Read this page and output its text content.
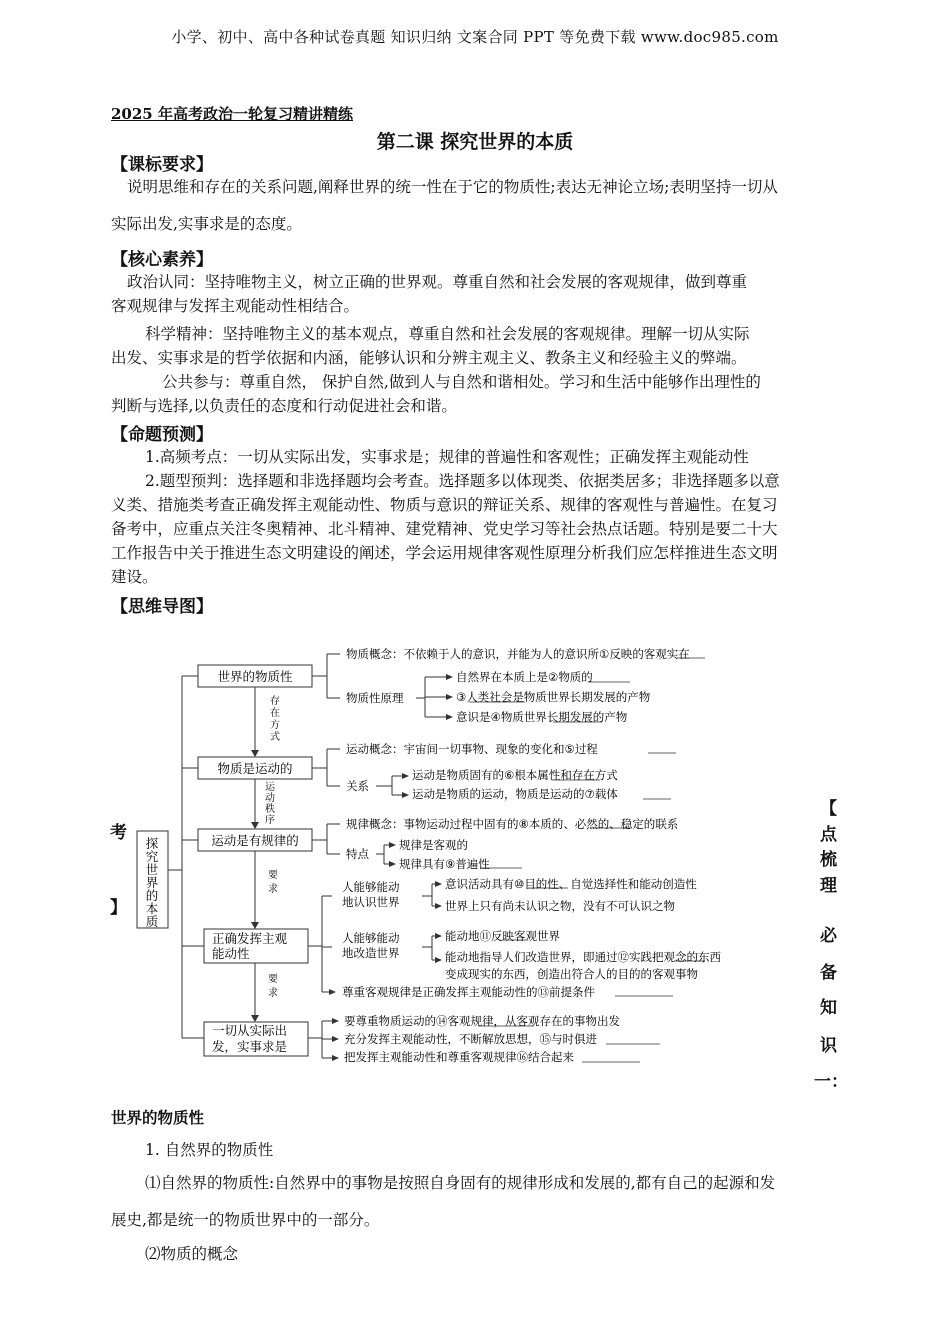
小学、初中、高中各种试卷真题 知识归纳 文案合同 PPT 等免费下载 www.doc985.com
2025 年高考政治一轮复习精讲精练
第二课 探究世界的本质
【课标要求】
说明思维和存在的关系问题,阐释世界的统一性在于它的物质性;表达无神论立场;表明坚持一切从
实际出发,实事求是的态度。
【核心素养】
政治认同：坚持唯物主义，树立正确的世界观。尊重自然和社会发展的客观规律，做到尊重
客观规律与发挥主观能动性相结合。
科学精神：坚持唯物主义的基本观点，尊重自然和社会发展的客观规律。理解一切从实际
出发、实事求是的哲学依据和内涵，能够认识和分辨主观主义、教条主义和经验主义的弊端。
公共参与：尊重自然， 保护自然,做到人与自然和谐相处。学习和生活中能够作出理性的
判断与选择,以负责任的态度和行动促进社会和谐。
【命题预测】
1.高频考点：一切从实际出发，实事求是；规律的普遍性和客观性；正确发挥主观能动性
2.题型预判：选择题和非选择题均会考查。选择题多以体现类、依据类居多；非选择题多以意
义类、措施类考查正确发挥主观能动性、物质与意识的辩证关系、规律的客观性与普遍性。在复习
备考中，应重点关注冬奥精神、北斗精神、建党精神、党史学习等社会热点话题。特别是要二十大
工作报告中关于推进生态文明建设的阐述，学会运用规律客观性原理分析我们应怎样推进生态文明
建设。
【思维导图】
考
】
【
点
梳
理
必
备
知
识
一：
探
究
世
界
的
本
质
世界的物质性
物质是运动的
运动是有规律的
正确发挥主观
能动性
一切从实际出
发，实事求是
存
在
方
式
运
动
秩
序
要
求
要
求
物质概念：不依赖于人的意识，并能为人的意识所①反映的客观实在
物质性原理
自然界在本质上是②物质的
③人类社会是物质世界长期发展的产物
意识是④物质世界长期发展的产物
运动概念：宇宙间一切事物、现象的变化和⑤过程
关系
运动是物质固有的⑥根本属性和存在方式
运动是物质的运动，物质是运动的⑦载体
规律概念：事物运动过程中固有的⑧本质的、必然的、稳定的联系
特点
规律是客观的
规律具有⑨普遍性
人能够能动
地认识世界
意识活动具有⑩目的性、自觉选择性和能动创造性
世界上只有尚未认识之物，没有不可认识之物
人能够能动
地改造世界
能动地⑪反映客观世界
能动地指导人们改造世界，即通过⑫实践把观念的东西
变成现实的东西，创造出符合人的目的的客观事物
尊重客观规律是正确发挥主观能动性的⑬前提条件
要尊重物质运动的⑭客观规律，从客观存在的事物出发
充分发挥主观能动性，不断解放思想，⑮与时俱进
把发挥主观能动性和尊重客观规律⑯结合起来
世界的物质性
1. 自然界的物质性
⑴自然界的物质性:自然界中的事物是按照自身固有的规律形成和发展的,都有自己的起源和发
展史,都是统一的物质世界中的一部分。
⑵物质的概念
